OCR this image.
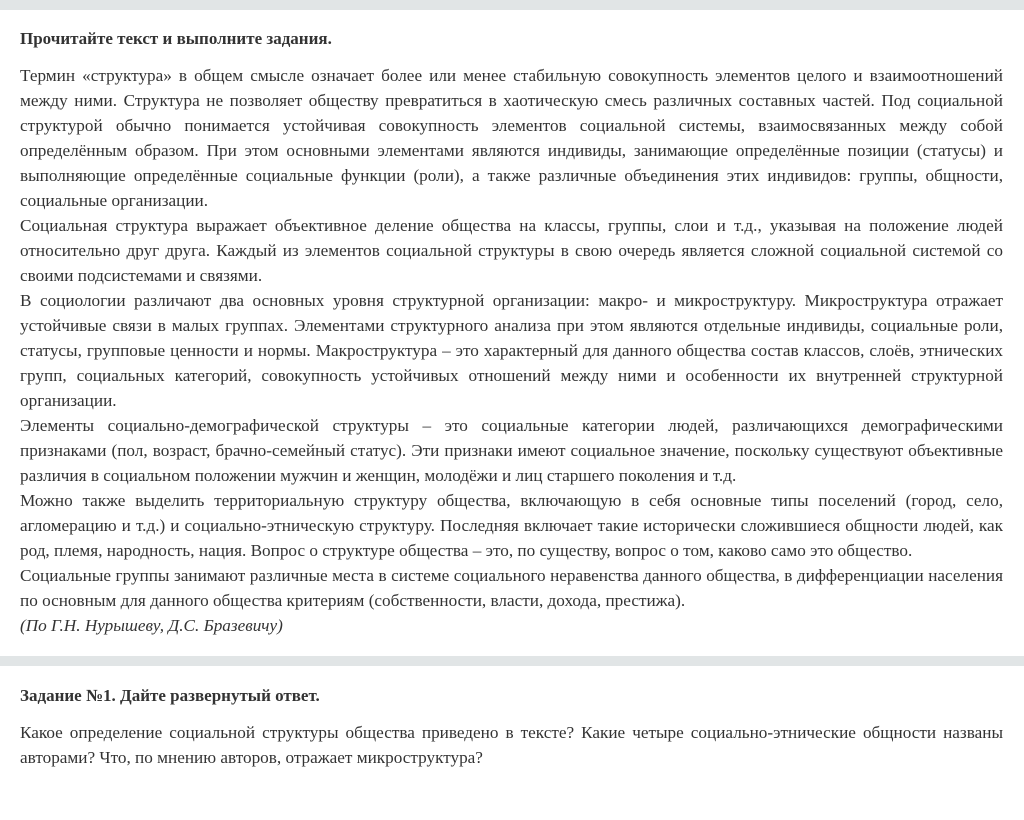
Прочитайте текст и выполните задания.

Термин «структура» в общем смысле означает более или менее стабильную совокупность элементов целого и взаимоотношений между ними. Структура не позволяет обществу превратиться в хаотическую смесь различных составных частей. Под социальной структурой обычно понимается устойчивая совокупность элементов социальной системы, взаимосвязанных между собой определённым образом. При этом основными элементами являются индивиды, занимающие определённые позиции (статусы) и выполняющие определённые социальные функции (роли), а также различные объединения этих индивидов: группы, общности, социальные организации.

Социальная структура выражает объективное деление общества на классы, группы, слои и т.д., указывая на положение людей относительно друг друга. Каждый из элементов социальной структуры в свою очередь является сложной социальной системой со своими подсистемами и связями.

В социологии различают два основных уровня структурной организации: макро- и микроструктуру. Микроструктура отражает устойчивые связи в малых группах. Элементами структурного анализа при этом являются отдельные индивиды, социальные роли, статусы, групповые ценности и нормы. Макроструктура – это характерный для данного общества состав классов, слоёв, этнических групп, социальных категорий, совокупность устойчивых отношений между ними и особенности их внутренней структурной организации.

Элементы социально-демографической структуры – это социальные категории людей, различающихся демографическими признаками (пол, возраст, брачно-семейный статус). Эти признаки имеют социальное значение, поскольку существуют объективные различия в социальном положении мужчин и женщин, молодёжи и лиц старшего поколения и т.д.

Можно также выделить территориальную структуру общества, включающую в себя основные типы поселений (город, село, агломерацию и т.д.) и социально-этническую структуру. Последняя включает такие исторически сложившиеся общности людей, как род, племя, народность, нация. Вопрос о структуре общества – это, по существу, вопрос о том, каково само это общество.

Социальные группы занимают различные места в системе социального неравенства данного общества, в дифференциации населения по основным для данного общества критериям (собственности, власти, дохода, престижа).

(По Г.Н. Нурышеву, Д.С. Бразевичу)

Задание №1. Дайте развернутый ответ.

Какое определение социальной структуры общества приведено в тексте? Какие четыре социально-этнические общности названы авторами? Что, по мнению авторов, отражает микроструктура?
